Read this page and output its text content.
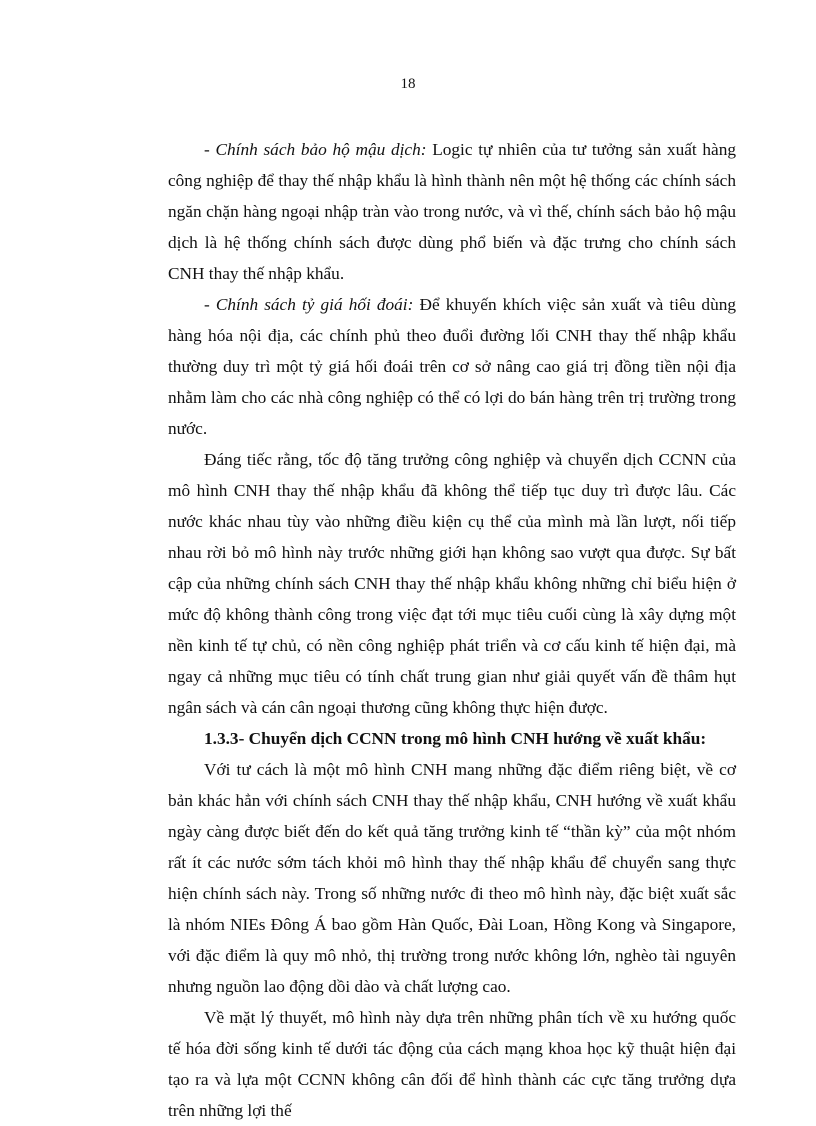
18

- Chính sách bảo hộ mậu dịch: Logic tự nhiên của tư tưởng sản xuất hàng công nghiệp để thay thế nhập khẩu là hình thành nên một hệ thống các chính sách ngăn chặn hàng ngoại nhập tràn vào trong nước, và vì thế, chính sách bảo hộ mậu dịch là hệ thống chính sách được dùng phổ biến và đặc trưng cho chính sách CNH thay thế nhập khẩu.

- Chính sách tỷ giá hối đoái: Để khuyến khích việc sản xuất và tiêu dùng hàng hóa nội địa, các chính phủ theo đuổi đường lối CNH thay thế nhập khẩu thường duy trì một tỷ giá hối đoái trên cơ sở nâng cao giá trị đồng tiền nội địa nhằm làm cho các nhà công nghiệp có thể có lợi do bán hàng trên trị trường trong nước.

Đáng tiếc rằng, tốc độ tăng trưởng công nghiệp và chuyển dịch CCNN của mô hình CNH thay thế nhập khẩu đã không thể tiếp tục duy trì được lâu. Các nước khác nhau tùy vào những điều kiện cụ thể của mình mà lần lượt, nối tiếp nhau rời bỏ mô hình này trước những giới hạn không sao vượt qua được. Sự bất cập của những chính sách CNH thay thế nhập khẩu không những chỉ biểu hiện ở mức độ không thành công trong việc đạt tới mục tiêu cuối cùng là xây dựng một nền kinh tế tự chủ, có nền công nghiệp phát triển và cơ cấu kinh tế hiện đại, mà ngay cả những mục tiêu có tính chất trung gian như giải quyết vấn đề thâm hụt ngân sách và cán cân ngoại thương cũng không thực hiện được.

1.3.3- Chuyển dịch CCNN trong mô hình CNH hướng về xuất khẩu:

Với tư cách là một mô hình CNH mang những đặc điểm riêng biệt, về cơ bản khác hẳn với chính sách CNH thay thế nhập khẩu, CNH hướng về xuất khẩu ngày càng được biết đến do kết quả tăng trưởng kinh tế “thần kỳ” của một nhóm rất ít các nước sớm tách khỏi mô hình thay thế nhập khẩu để chuyển sang thực hiện chính sách này. Trong số những nước đi theo mô hình này, đặc biệt xuất sắc là nhóm NIEs Đông Á bao gồm Hàn Quốc, Đài Loan, Hồng Kong và Singapore, với đặc điểm là quy mô nhỏ, thị trường trong nước không lớn, nghèo tài nguyên nhưng nguồn lao động dồi dào và chất lượng cao.

Về mặt lý thuyết, mô hình này dựa trên những phân tích về xu hướng quốc tế hóa đời sống kinh tế dưới tác động của cách mạng khoa học kỹ thuật hiện đại tạo ra và lựa một CCNN không cân đối để hình thành các cực tăng trưởng dựa trên những lợi thế
